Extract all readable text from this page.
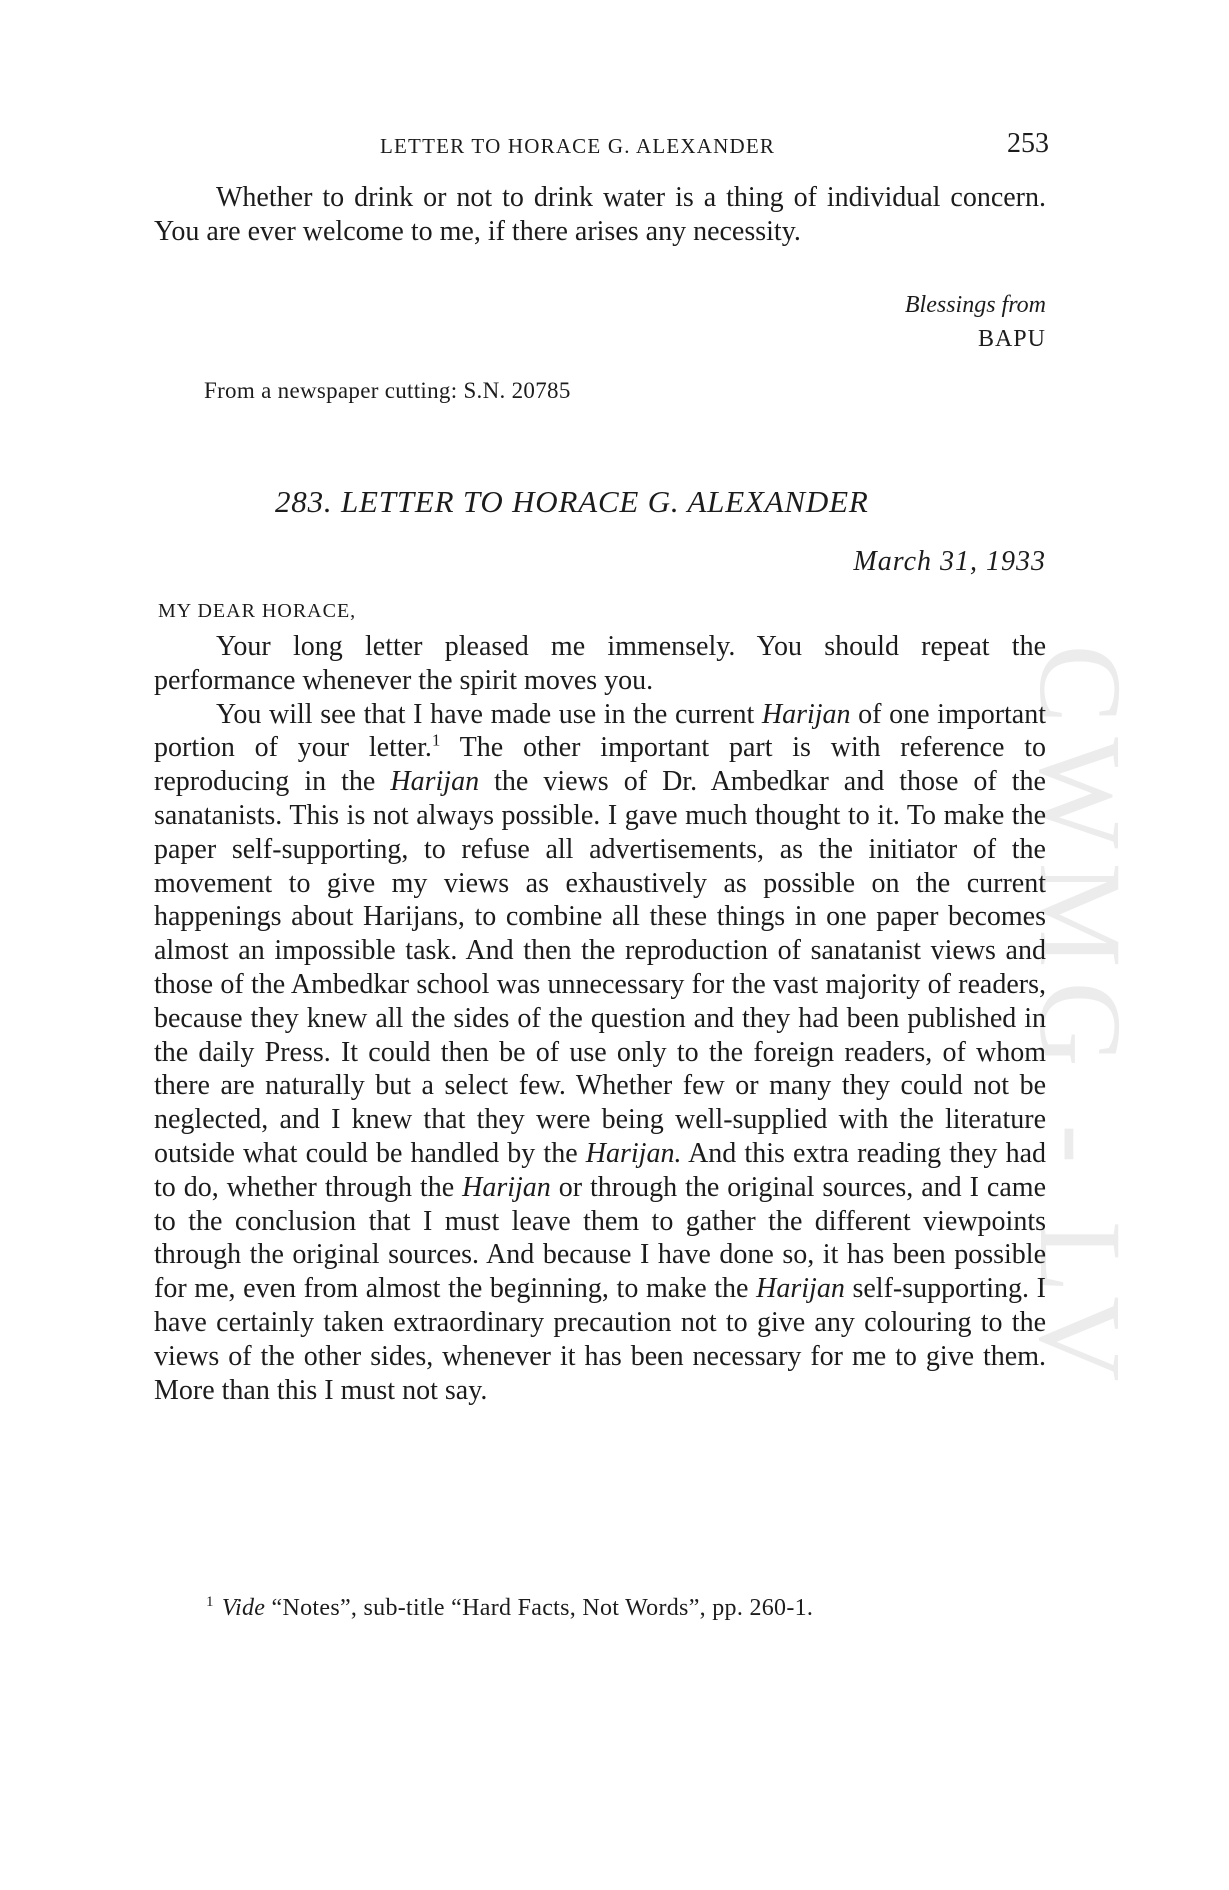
CWMG - LV
LETTER TO HORACE G. ALEXANDER	253

Whether to drink or not to drink water is a thing of individual concern. You are ever welcome to me, if there arises any necessity.

Blessings from
BAPU
From a newspaper cutting: S.N. 20785
283. LETTER TO HORACE G. ALEXANDER
March 31, 1933
MY DEAR HORACE,

Your long letter pleased me immensely. You should repeat the performance whenever the spirit moves you.

You will see that I have made use in the current Harijan of one important portion of your letter.$^1$ The other important part is with reference to reproducing in the Harijan the views of Dr. Ambedkar and those of the sanatanists. This is not always possible. I gave much thought to it. To make the paper self-supporting, to refuse all advertisements, as the initiator of the movement to give my views as exhaustively as possible on the current happenings about Harijans, to combine all these things in one paper becomes almost an impossible task. And then the reproduction of sanatanist views and those of the Ambedkar school was unnecessary for the vast majority of readers, because they knew all the sides of the question and they had been published in the daily Press. It could then be of use only to the foreign readers, of whom there are naturally but a select few. Whether few or many they could not be neglected, and I knew that they were being well-supplied with the literature outside what could be handled by the Harijan. And this extra reading they had to do, whether through the Harijan or through the original sources, and I came to the conclusion that I must leave them to gather the different viewpoints through the original sources. And because I have done so, it has been possible for me, even from almost the beginning, to make the Harijan self-supporting. I have certainly taken extraordinary precaution not to give any colouring to the views of the other sides, whenever it has been necessary for me to give them. More than this I must not say.

$^1$ Vide “Notes”, sub-title “Hard Facts, Not Words”, pp. 260-1.
